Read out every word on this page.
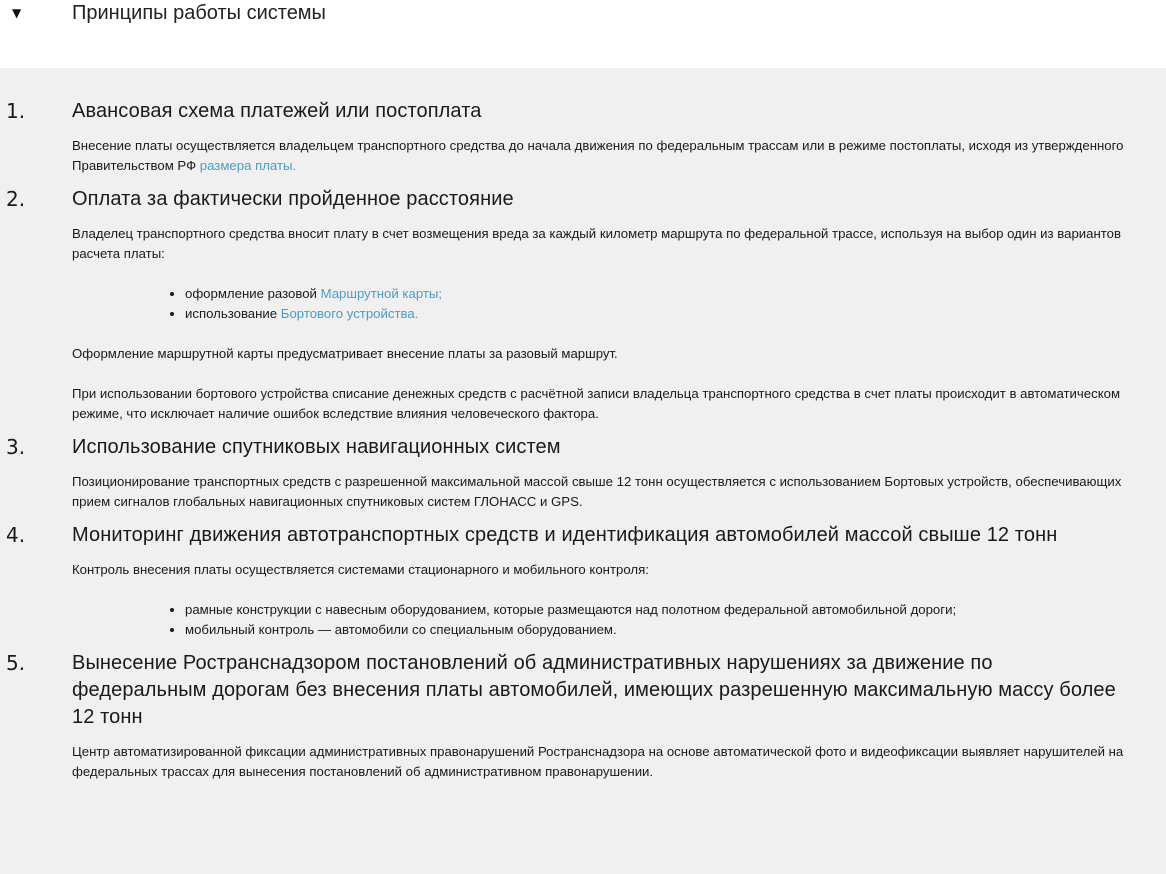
▼	Принципы работы системы
1. Авансовая схема платежей или постоплата

Внесение платы осуществляется владельцем транспортного средства до начала движения по федеральным трассам или в режиме постоплаты, исходя из утвержденного Правительством РФ размера платы.

2. Оплата за фактически пройденное расстояние

Владелец транспортного средства вносит плату в счет возмещения вреда за каждый километр маршрута по федеральной трассе, используя на выбор один из вариантов расчета платы:

• оформление разовой Маршрутной карты;
• использование Бортового устройства.

Оформление маршрутной карты предусматривает внесение платы за разовый маршрут.

При использовании бортового устройства списание денежных средств с расчётной записи владельца транспортного средства в счет платы происходит в автоматическом режиме, что исключает наличие ошибок вследствие влияния человеческого фактора.

3. Использование спутниковых навигационных систем

Позиционирование транспортных средств с разрешенной максимальной массой свыше 12 тонн осуществляется с использованием Бортовых устройств, обеспечивающих прием сигналов глобальных навигационных спутниковых систем ГЛОНАСС и GPS.

4. Мониторинг движения автотранспортных средств и идентификация автомобилей массой свыше 12 тонн

Контроль внесения платы осуществляется системами стационарного и мобильного контроля:

• рамные конструкции с навесным оборудованием, которые размещаются над полотном федеральной автомобильной дороги;
• мобильный контроль — автомобили со специальным оборудованием.
5. Вынесение Ространснадзором постановлений об административных нарушениях за движение по федеральным дорогам без внесения платы автомобилей, имеющих разрешенную максимальную массу более 12 тонн

Центр автоматизированной фиксации административных правонарушений Ространснадзора на основе автоматической фото и видеофиксации выявляет нарушителей на федеральных трассах для вынесения постановлений об административном правонарушении.
